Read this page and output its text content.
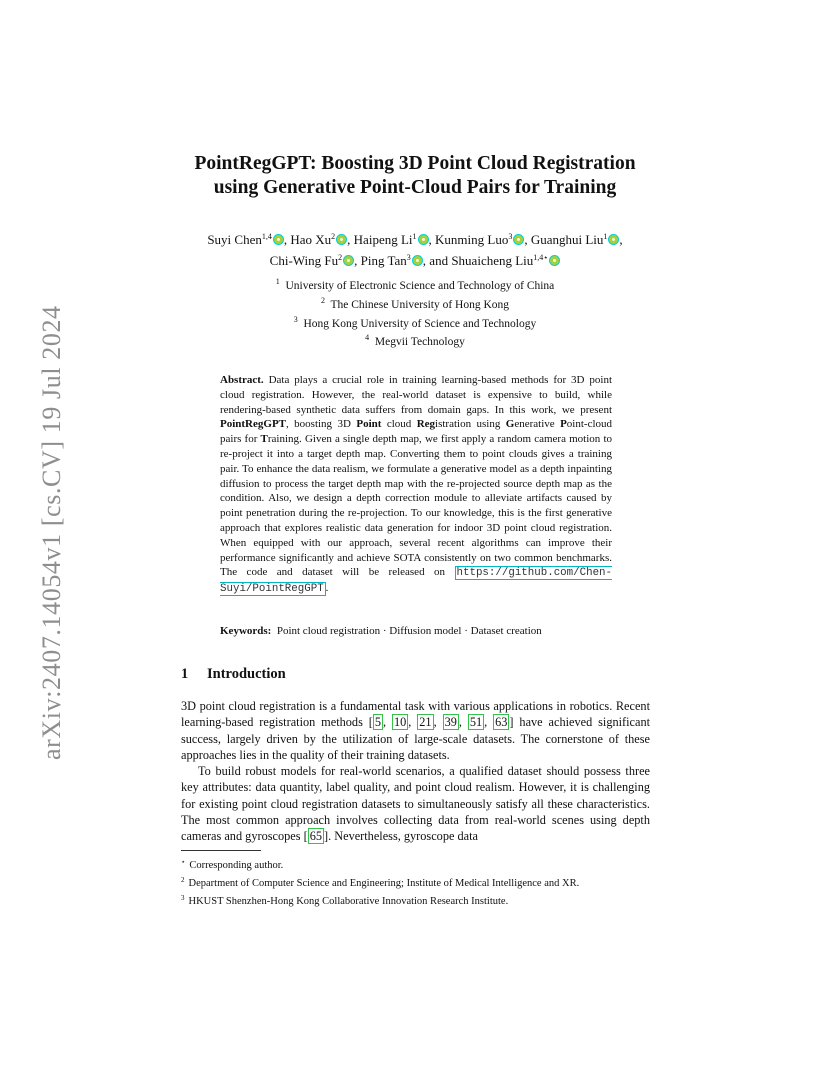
arXiv:2407.14054v1 [cs.CV] 19 Jul 2024
PointRegGPT: Boosting 3D Point Cloud Registration
using Generative Point-Cloud Pairs for Training
Suyi Chen$^{1,4}$ , Hao Xu$^2$ , Haipeng Li$^1$ , Kunming Luo$^3$ , Guanghui Liu$^1$ ,
Chi-Wing Fu$^2$ , Ping Tan$^3$ , and Shuaicheng Liu$^{1,4⋆}$
$^1$ University of Electronic Science and Technology of China
$^2$ The Chinese University of Hong Kong
$^3$ Hong Kong University of Science and Technology
$^4$ Megvii Technology
Abstract. Data plays a crucial role in training learning-based methods for 3D point cloud registration. However, the real-world dataset is expensive to build, while rendering-based synthetic data suffers from domain gaps. In this work, we present PointRegGPT, boosting 3D Point cloud Registration using Generative Point-cloud pairs for Training. Given a single depth map, we first apply a random camera motion to re-project it into a target depth map. Converting them to point clouds gives a training pair. To enhance the data realism, we formulate a generative model as a depth inpainting diffusion to process the target depth map with the re-projected source depth map as the condition. Also, we design a depth correction module to alleviate artifacts caused by point penetration during the re-projection. To our knowledge, this is the first generative approach that explores realistic data generation for indoor 3D point cloud registration. When equipped with our approach, several recent algorithms can improve their performance significantly and achieve SOTA consistently on two common benchmarks. The code and dataset will be released on https://github.com/Chen-Suyi/PointRegGPT .
Keywords: Point cloud registration · Diffusion model · Dataset creation
1 Introduction

3D point cloud registration is a fundamental task with various applications in robotics. Recent learning-based registration methods [ 5 , 10 , 21 , 39 , 51 , 63 ] have achieved significant success, largely driven by the utilization of large-scale datasets. The cornerstone of these approaches lies in the quality of their training datasets.

To build robust models for real-world scenarios, a qualified dataset should possess three key attributes: data quantity, label quality, and point cloud realism. However, it is challenging for existing point cloud registration datasets to simultaneously satisfy all these characteristics. The most common approach involves collecting data from real-world scenes using depth cameras and gyroscopes [ 65 ]. Nevertheless, gyroscope data

⋆ Corresponding author.
$^2$ Department of Computer Science and Engineering; Institute of Medical Intelligence and XR.
$^3$ HKUST Shenzhen-Hong Kong Collaborative Innovation Research Institute.
